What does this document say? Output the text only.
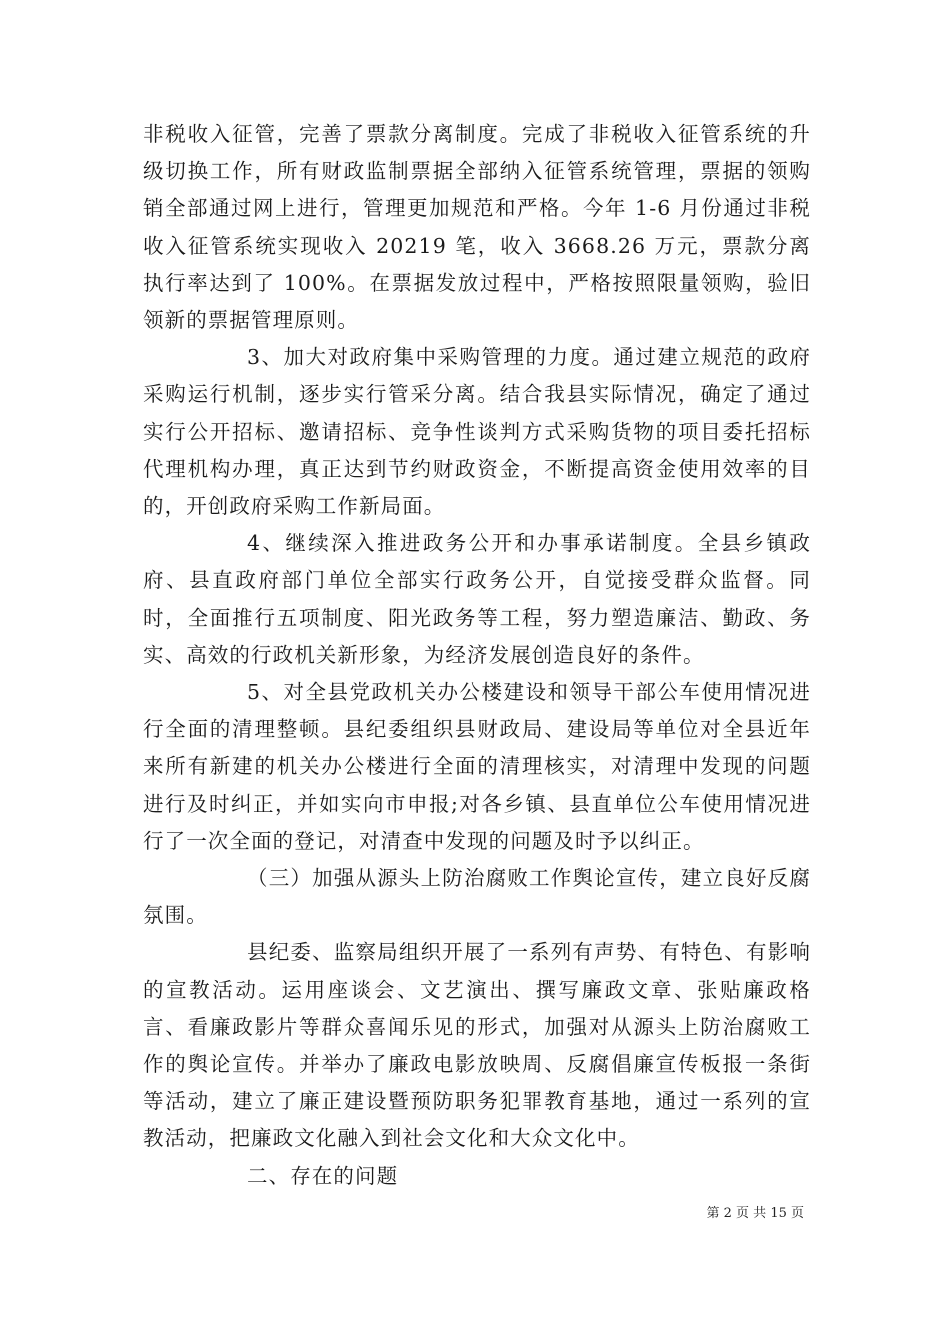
非税收入征管，完善了票款分离制度。完成了非税收入征管系统的升级切换工作，所有财政监制票据全部纳入征管系统管理，票据的领购销全部通过网上进行，管理更加规范和严格。今年 1-6 月份通过非税收入征管系统实现收入 20219 笔，收入 3668.26 万元，票款分离执行率达到了 100%。在票据发放过程中，严格按照限量领购，验旧领新的票据管理原则。

3、加大对政府集中采购管理的力度。通过建立规范的政府采购运行机制，逐步实行管采分离。结合我县实际情况，确定了通过实行公开招标、邀请招标、竞争性谈判方式采购货物的项目委托招标代理机构办理，真正达到节约财政资金，不断提高资金使用效率的目的，开创政府采购工作新局面。

4、继续深入推进政务公开和办事承诺制度。全县乡镇政府、县直政府部门单位全部实行政务公开，自觉接受群众监督。同时，全面推行五项制度、阳光政务等工程，努力塑造廉洁、勤政、务实、高效的行政机关新形象，为经济发展创造良好的条件。

5、对全县党政机关办公楼建设和领导干部公车使用情况进行全面的清理整顿。县纪委组织县财政局、建设局等单位对全县近年来所有新建的机关办公楼进行全面的清理核实，对清理中发现的问题进行及时纠正，并如实向市申报;对各乡镇、县直单位公车使用情况进行了一次全面的登记，对清查中发现的问题及时予以纠正。

（三）加强从源头上防治腐败工作舆论宣传，建立良好反腐氛围。

县纪委、监察局组织开展了一系列有声势、有特色、有影响的宣教活动。运用座谈会、文艺演出、撰写廉政文章、张贴廉政格言、看廉政影片等群众喜闻乐见的形式，加强对从源头上防治腐败工作的舆论宣传。并举办了廉政电影放映周、反腐倡廉宣传板报一条街等活动，建立了廉正建设暨预防职务犯罪教育基地，通过一系列的宣教活动，把廉政文化融入到社会文化和大众文化中。

二、存在的问题

第 2 页 共 15 页
